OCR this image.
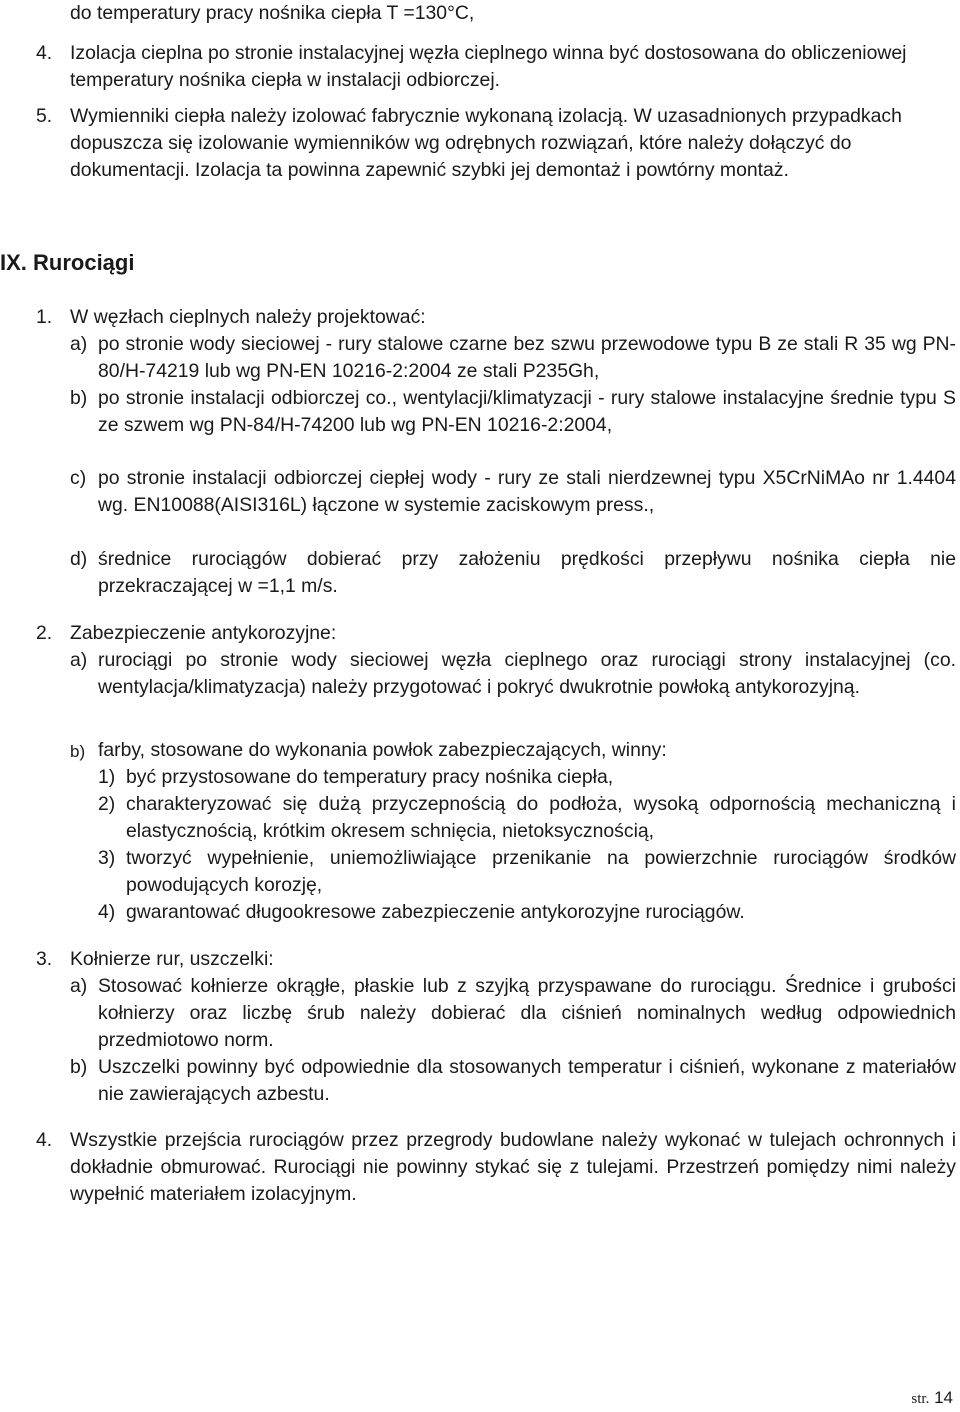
do temperatury pracy nośnika ciepła T =130°C,
4. Izolacja cieplna po stronie instalacyjnej węzła cieplnego winna być dostosowana do obliczeniowej temperatury nośnika ciepła w instalacji odbiorczej.
5. Wymienniki ciepła należy izolować fabrycznie wykonaną izolacją. W uzasadnionych przypadkach dopuszcza się izolowanie wymienników wg odrębnych rozwiązań, które należy dołączyć do dokumentacji. Izolacja ta powinna zapewnić szybki jej demontaż i powtórny montaż.
IX. Rurociągi
1. W węzłach cieplnych należy projektować:
a) po stronie wody sieciowej - rury stalowe czarne bez szwu przewodowe typu B ze stali R 35 wg PN-80/H-74219 lub wg PN-EN 10216-2:2004 ze stali P235Gh,
b) po stronie instalacji odbiorczej co., wentylacji/klimatyzacji - rury stalowe instalacyjne średnie typu S ze szwem wg PN-84/H-74200 lub wg PN-EN 10216-2:2004,
c) po stronie instalacji odbiorczej ciepłej wody - rury ze stali nierdzewnej typu X5CrNiMAo nr 1.4404 wg. EN10088(AISI316L) łączone w systemie zaciskowym press.,
d) średnice rurociągów dobierać przy założeniu prędkości przepływu nośnika ciepła nie przekraczającej w =1,1 m/s.
2. Zabezpieczenie antykorozyjne:
a) rurociągi po stronie wody sieciowej węzła cieplnego oraz rurociągi strony instalacyjnej (co. wentylacja/klimatyzacja) należy przygotować i pokryć dwukrotnie powłoką antykorozyjną.
b) farby, stosowane do wykonania powłok zabezpieczających, winny:
1) być przystosowane do temperatury pracy nośnika ciepła,
2) charakteryzować się dużą przyczepnością do podłoża, wysoką odpornością mechaniczną i elastycznością, krótkim okresem schnięcia, nietoksycznością,
3) tworzyć wypełnienie, uniemożliwiające przenikanie na powierzchnie rurociągów środków powodujących korozję,
4) gwarantować długookresowe zabezpieczenie antykorozyjne rurociągów.
3. Kołnierze rur, uszczelki:
a) Stosować kołnierze okrągłe, płaskie lub z szyjką przyspawane do rurociągu. Średnice i grubości kołnierzy oraz liczbę śrub należy dobierać dla ciśnień nominalnych według odpowiednich przedmiotowo norm.
b) Uszczelki powinny być odpowiednie dla stosowanych temperatur i ciśnień, wykonane z materiałów nie zawierających azbestu.
4. Wszystkie przejścia rurociągów przez przegrody budowlane należy wykonać w tulejach ochronnych i dokładnie obmurować. Rurociągi nie powinny stykać się z tulejami. Przestrzeń pomiędzy nimi należy wypełnić materiałem izolacyjnym.
str. 14
